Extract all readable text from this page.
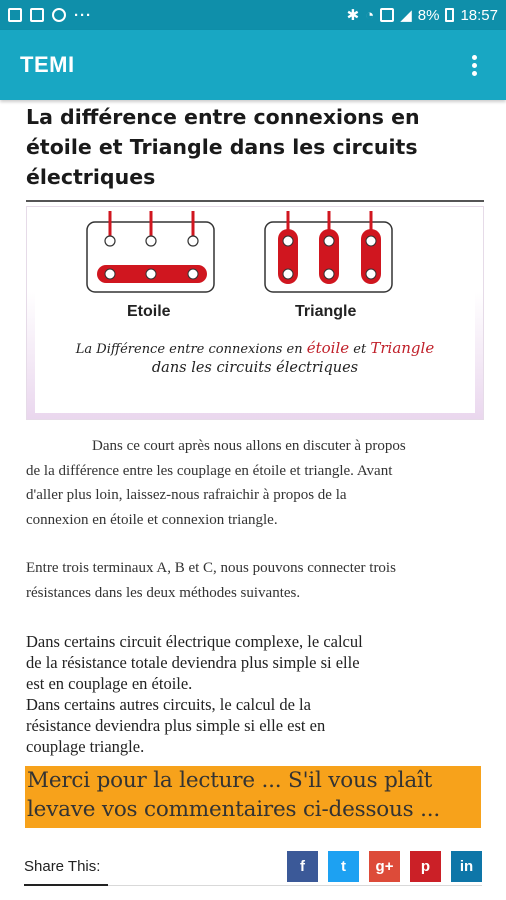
···	✱ ◔ ◢ 8% 18:57
TEMI
La différence entre connexions en
étoile et Triangle dans les circuits
électriques
Etoile	Triangle
La Différence entre connexions en étoile et Triangle
dans les circuits électriques
Dans ce court après nous allons en discuter à propos
de la différence entre les couplage en étoile et triangle. Avant
d'aller plus loin, laissez-nous rafraichir à propos de la
connexion en étoile et connexion triangle.
Entre trois terminaux A, B et C, nous pouvons connecter trois
résistances dans les deux méthodes suivantes.
Dans certains circuit électrique complexe, le calcul
de la résistance totale deviendra plus simple si elle
est en couplage en étoile.
Dans certains autres circuits, le calcul de la
résistance deviendra plus simple si elle est en
couplage triangle.
Merci pour la lecture ... S'il vous plaît
levave vos commentaires ci-dessous ...
Share This:	f t g+ p in
